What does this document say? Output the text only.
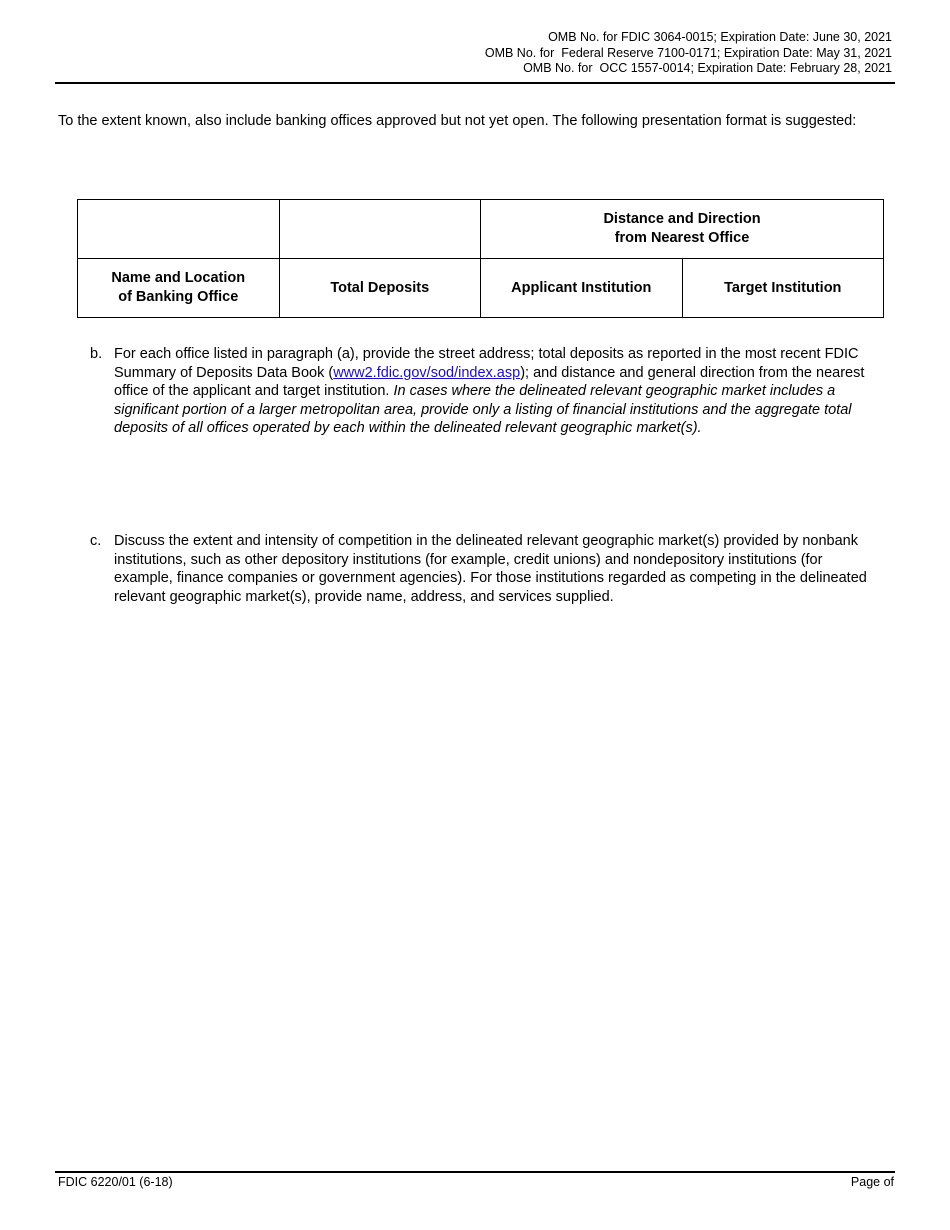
OMB No. for FDIC 3064-0015; Expiration Date: June 30, 2021
OMB No. for  Federal Reserve 7100-0171; Expiration Date: May 31, 2021
OMB No. for  OCC 1557-0014; Expiration Date: February 28, 2021
To the extent known, also include banking offices approved but not yet open. The following presentation format is suggested:

		Distance and Direction
from Nearest Office	

Name and Location
of Banking Office	Total Deposits	Applicant Institution	Target Institution
b. For each office listed in paragraph (a), provide the street address; total deposits as reported in the most recent FDIC Summary of Deposits Data Book (www2.fdic.gov/sod/index.asp); and distance and general direction from the nearest office of the applicant and target institution. In cases where the delineated relevant geographic market includes a significant portion of a larger metropolitan area, provide only a listing of financial institutions and the aggregate total deposits of all offices operated by each within the delineated relevant geographic market(s).
c. Discuss the extent and intensity of competition in the delineated relevant geographic market(s) provided by nonbank institutions, such as other depository institutions (for example, credit unions) and nondepository institutions (for example, finance companies or government agencies). For those institutions regarded as competing in the delineated relevant geographic market(s), provide name, address, and services supplied.
FDIC 6220/01 (6-18)	Page of
